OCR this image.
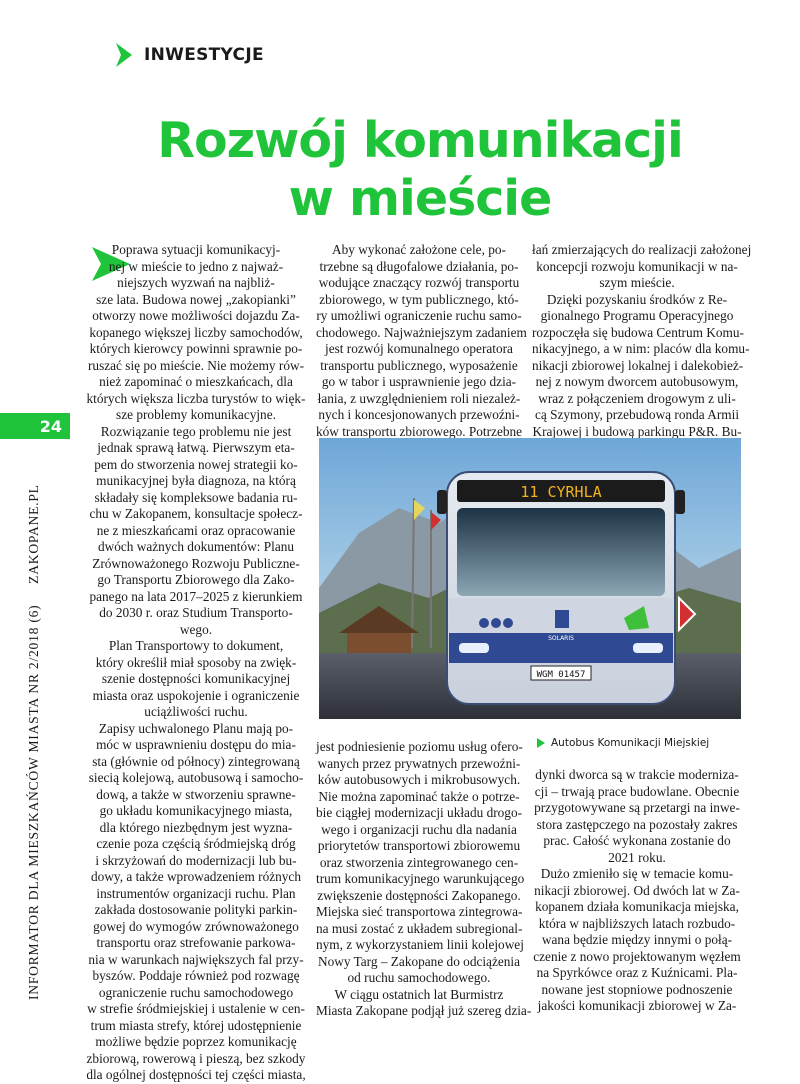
INWESTYCJE
Rozwój komunikacji
w mieście
INFORMATOR DLA MIESZKAŃCÓW MIASTA NR 2/2018 (6)     ZAKOPANE.PL
24
Poprawa sytuacji komunikacyj-
nej w mieście to jedno z najważ-
niejszych wyzwań na najbliż-
sze lata. Budowa nowej „zakopianki”
otworzy nowe możliwości dojazdu Za-
kopanego większej liczby samochodów,
których kierowcy powinni sprawnie po-
ruszać się po mieście. Nie możemy rów-
nież zapominać o mieszkańcach, dla
których większa liczba turystów to więk-
sze problemy komunikacyjne.
Rozwiązanie tego problemu nie jest
jednak sprawą łatwą. Pierwszym eta-
pem do stworzenia nowej strategii ko-
munikacyjnej była diagnoza, na którą
składały się kompleksowe badania ru-
chu w Zakopanem, konsultacje społecz-
ne z mieszkańcami oraz opracowanie
dwóch ważnych dokumentów: Planu
Zrównoważonego Rozwoju Publiczne-
go Transportu Zbiorowego dla Zako-
panego na lata 2017–2025 z kierunkiem
do 2030 r. oraz Studium Transporto-
wego.
Plan Transportowy to dokument,
który określił miał sposoby na zwięk-
szenie dostępności komunikacyjnej
miasta oraz uspokojenie i ograniczenie
uciążliwości ruchu.
Zapisy uchwalonego Planu mają po-
móc w usprawnieniu dostępu do mia-
sta (głównie od północy) zintegrowaną
siecią kolejową, autobusową i samocho-
dową, a także w stworzeniu sprawne-
go układu komunikacyjnego miasta,
dla którego niezbędnym jest wyzna-
czenie poza częścią śródmiejską dróg
i skrzyżowań do modernizacji lub bu-
dowy, a także wprowadzeniem różnych
instrumentów organizacji ruchu. Plan
zakłada dostosowanie polityki parkin-
gowej do wymogów zrównoważonego
transportu oraz strefowanie parkowa-
nia w warunkach największych fal przy-
byszów. Poddaje również pod rozwagę
ograniczenie ruchu samochodowego
w strefie śródmiejskiej i ustalenie w cen-
trum miasta strefy, której udostępnienie
możliwe będzie poprzez komunikację
zbiorową, rowerową i pieszą, bez szkody
dla ogólnej dostępności tej części miasta,
Aby wykonać założone cele, po-
trzebne są długofalowe działania, po-
wodujące znaczący rozwój transportu
zbiorowego, w tym publicznego, któ-
ry umożliwi ograniczenie ruchu samo-
chodowego. Najważniejszym zadaniem
jest rozwój komunalnego operatora
transportu publicznego, wyposażenie
go w tabor i usprawnienie jego dzia-
łania, z uwzględnieniem roli niezależ-
nych i koncesjonowanych przewoźni-
ków transportu zbiorowego. Potrzebne
łań zmierzających do realizacji założonej
koncepcji rozwoju komunikacji w na-
szym mieście.
Dzięki pozyskaniu środków z Re-
gionalnego Programu Operacyjnego
rozpoczęła się budowa Centrum Komu-
nikacyjnego, a w nim: placów dla komu-
nikacji zbiorowej lokalnej i dalekobież-
nej z nowym dworcem autobusowym,
wraz z połączeniem drogowym z uli-
cą Szymony, przebudową ronda Armii
Krajowej i budową parkingu P&R. Bu-
jest podniesienie poziomu usług ofero-
wanych przez prywatnych przewoźni-
ków autobusowych i mikrobusowych.
Nie można zapominać także o potrze-
bie ciągłej modernizacji układu drogo-
wego i organizacji ruchu dla nadania
priorytetów transportowi zbiorowemu
oraz stworzenia zintegrowanego cen-
trum komunikacyjnego warunkującego
zwiększenie dostępności Zakopanego.
Miejska sieć transportowa zintegrowa-
na musi zostać z układem subregional-
nym, z wykorzystaniem linii kolejowej
Nowy Targ – Zakopane do odciążenia
od ruchu samochodowego.
W ciągu ostatnich lat Burmistrz
Miasta Zakopane podjął już szereg dzia-
dynki dworca są w trakcie moderniza-
cji – trwają prace budowlane. Obecnie
przygotowywane są przetargi na inwe-
stora zastępczego na pozostały zakres
prac. Całość wykonana zostanie do
2021 roku.
Dużo zmieniło się w temacie komu-
nikacji zbiorowej. Od dwóch lat w Za-
kopanem działa komunikacja miejska,
która w najbliższych latach rozbudo-
wana będzie między innymi o połą-
czenie z nowo projektowanym węzłem
na Spyrkówce oraz z Kuźnicami. Pla-
nowane jest stopniowe podnoszenie
jakości komunikacji zbiorowej w Za-
11 CYRHLA
WGM 01457
SOLARIS
Autobus Komunikacji Miejskiej
